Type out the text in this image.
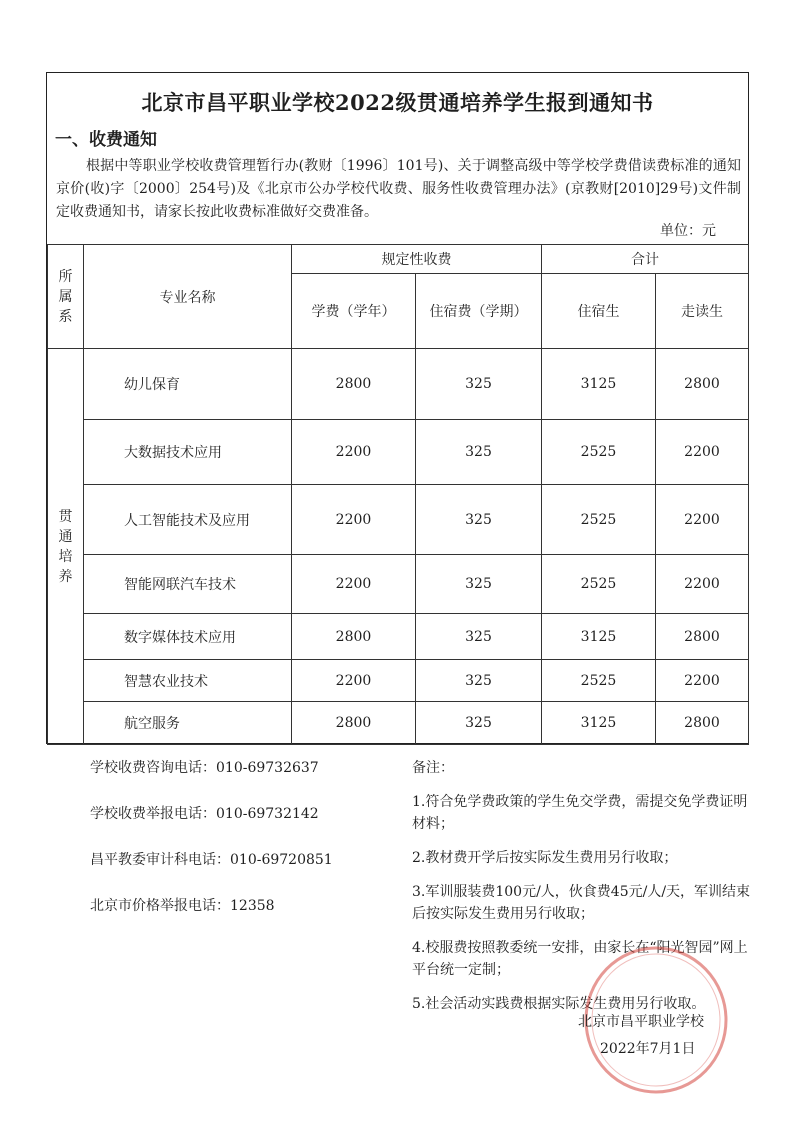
北京市昌平职业学校2022级贯通培养学生报到通知书
一、收费通知
根据中等职业学校收费管理暂行办(教财〔1996〕101号)、关于调整高级中等学校学费借读费标准的通知 京价(收)字〔2000〕254号)及《北京市公办学校代收费、服务性收费管理办法》(京教财[2010]29号)文件制定收费通知书，请家长按此收费标准做好交费准备。
单位：元
所属系	专业名称	规定性收费		合计	
		学费（学年）	住宿费（学期）	住宿生	走读生
贯通培养	幼儿保育	2800	325	3125	2800
	大数据技术应用	2200	325	2525	2200
	人工智能技术及应用	2200	325	2525	2200
	智能网联汽车技术	2200	325	2525	2200
	数字媒体技术应用	2800	325	3125	2800
	智慧农业技术	2200	325	2525	2200
	航空服务	2800	325	3125	2800
学校收费咨询电话：010-69732637
学校收费举报电话：010-69732142
昌平教委审计科电话：010-69720851
北京市价格举报电话：12358
备注：
1.符合免学费政策的学生免交学费，需提交免学费证明材料；
2.教材费开学后按实际发生费用另行收取；
3.军训服装费100元/人，伙食费45元/人/天，军训结束后按实际发生费用另行收取；
4.校服费按照教委统一安排，由家长在“阳光智园”网上平台统一定制；
5.社会活动实践费根据实际发生费用另行收取。
北京市昌平职业学校
2022年7月1日
